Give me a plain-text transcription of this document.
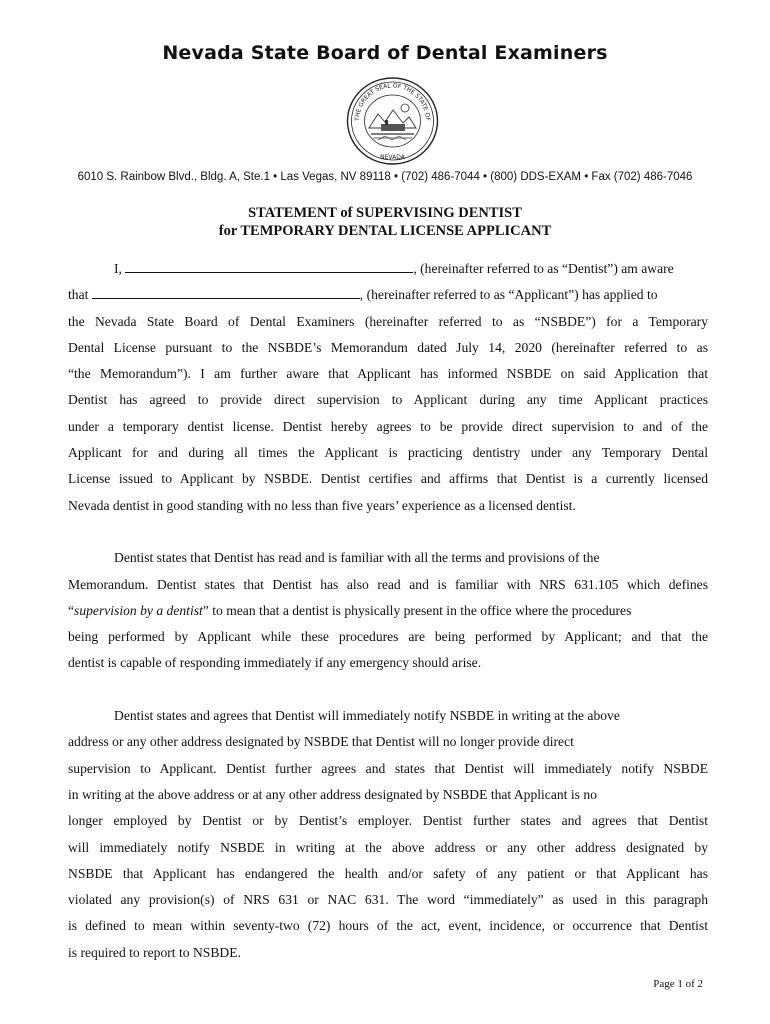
Nevada State Board of Dental Examiners
THE GREAT SEAL OF THE STATE OF
NEVADA
6010 S. Rainbow Blvd., Bldg. A, Ste.1 • Las Vegas, NV 89118 • (702) 486-7044 • (800) DDS-EXAM • Fax (702) 486-7046
STATEMENT of SUPERVISING DENTIST
for TEMPORARY DENTAL LICENSE APPLICANT
I,	, (hereinafter referred to as “Dentist”) am aware
that	, (hereinafter referred to as “Applicant”) has applied to
the Nevada State Board of Dental Examiners (hereinafter referred to as “NSBDE”) for a Temporary
Dental License pursuant to the NSBDE’s Memorandum dated July 14, 2020 (hereinafter referred to as
“the Memorandum”). I am further aware that Applicant has informed NSBDE on said Application that
Dentist has agreed to provide direct supervision to Applicant during any time Applicant practices
under a temporary dentist license. Dentist hereby agrees to be provide direct supervision to and of the
Applicant for and during all times the Applicant is practicing dentistry under any Temporary Dental
License issued to Applicant by NSBDE. Dentist certifies and affirms that Dentist is a currently licensed
Nevada dentist in good standing with no less than five years’ experience as a licensed dentist.
Dentist states that Dentist has read and is familiar with all the terms and provisions of the
Memorandum. Dentist states that Dentist has also read and is familiar with NRS 631.105 which defines
“supervision by a dentist” to mean that a dentist is physically present in the office where the procedures
being performed by Applicant while these procedures are being performed by Applicant; and that the
dentist is capable of responding immediately if any emergency should arise.
Dentist states and agrees that Dentist will immediately notify NSBDE in writing at the above
address or any other address designated by NSBDE that Dentist will no longer provide direct
supervision to Applicant. Dentist further agrees and states that Dentist will immediately notify NSBDE
in writing at the above address or at any other address designated by NSBDE that Applicant is no
longer employed by Dentist or by Dentist’s employer. Dentist further states and agrees that Dentist
will immediately notify NSBDE in writing at the above address or any other address designated by
NSBDE that Applicant has endangered the health and/or safety of any patient or that Applicant has
violated any provision(s) of NRS 631 or NAC 631. The word “immediately” as used in this paragraph
is defined to mean within seventy-two (72) hours of the act, event, incidence, or occurrence that Dentist
is required to report to NSBDE.
Page 1 of 2
